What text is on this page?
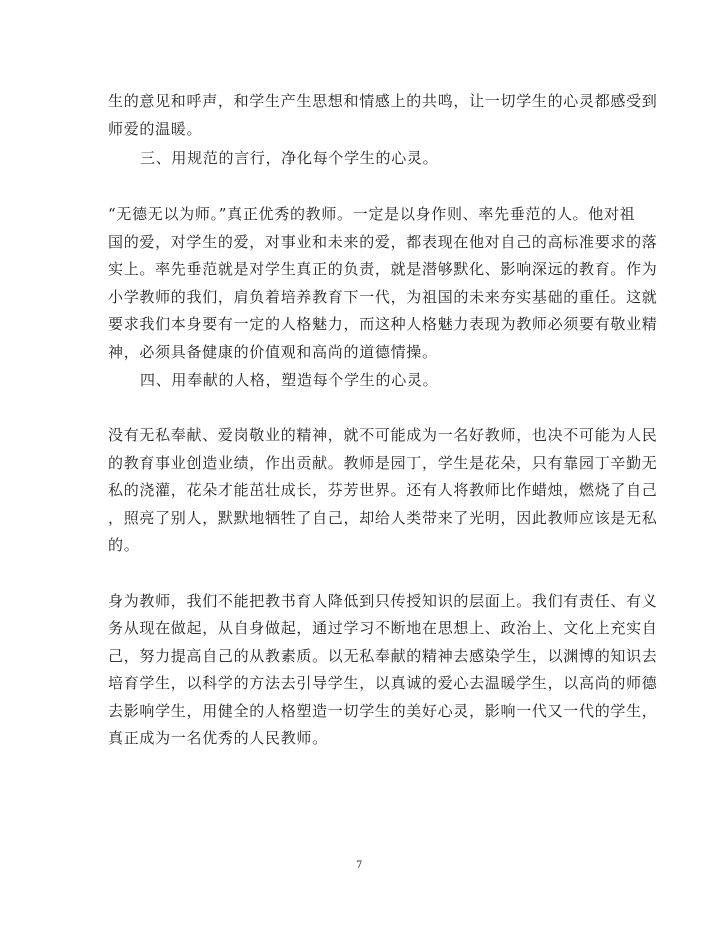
生的意见和呼声，和学生产生思想和情感上的共鸣，让一切学生的心灵都感受到
师爱的温暖。
三、用规范的言行，净化每个学生的心灵。
“无德无以为师。”真正优秀的教师。一定是以身作则、率先垂范的人。他对祖
国的爱，对学生的爱，对事业和未来的爱，都表现在他对自己的高标准要求的落
实上。率先垂范就是对学生真正的负责，就是潜够默化、影响深远的教育。作为
小学教师的我们，肩负着培养教育下一代，为祖国的未来夯实基础的重任。这就
要求我们本身要有一定的人格魅力，而这种人格魅力表现为教师必须要有敬业精
神，必须具备健康的价值观和高尚的道德情操。
四、用奉献的人格，塑造每个学生的心灵。
没有无私奉献、爱岗敬业的精神，就不可能成为一名好教师，也决不可能为人民
的教育事业创造业绩，作出贡献。教师是园丁，学生是花朵，只有靠园丁辛勤无
私的浇灌，花朵才能茁壮成长，芬芳世界。还有人将教师比作蜡烛，燃烧了自己
，照亮了别人，默默地牺牲了自己，却给人类带来了光明，因此教师应该是无私
的。
身为教师，我们不能把教书育人降低到只传授知识的层面上。我们有责任、有义
务从现在做起，从自身做起，通过学习不断地在思想上、政治上、文化上充实自
己，努力提高自己的从教素质。以无私奉献的精神去感染学生，以渊博的知识去
培育学生，以科学的方法去引导学生，以真诚的爱心去温暖学生，以高尚的师德
去影响学生，用健全的人格塑造一切学生的美好心灵，影响一代又一代的学生，
真正成为一名优秀的人民教师。
7
